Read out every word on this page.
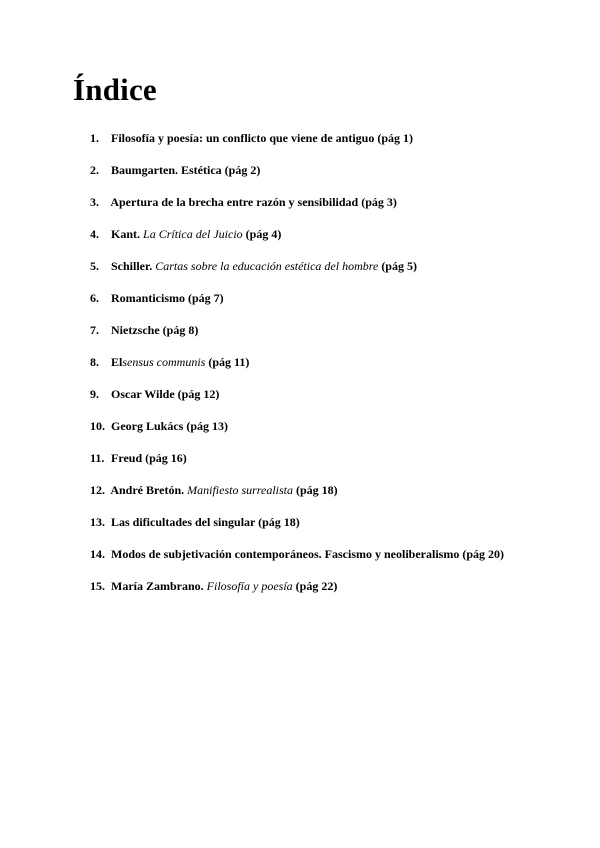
Índice
1. Filosofía y poesía: un conflicto que viene de antiguo (pág 1)
2. Baumgarten. Estética (pág 2)
3. Apertura de la brecha entre razón y sensibilidad (pág 3)
4. Kant. La Crítica del Juicio (pág 4)
5. Schiller. Cartas sobre la educación estética del hombre (pág 5)
6. Romanticismo (pág 7)
7. Nietzsche (pág 8)
8. Elsensus communis (pág 11)
9. Oscar Wilde (pág 12)
10. Georg Lukács (pág 13)
11. Freud (pág 16)
12. André Bretón. Manifiesto surrealista (pág 18)
13. Las dificultades del singular (pág 18)
14. Modos de subjetivación contemporáneos. Fascismo y neoliberalismo (pág 20)
15. María Zambrano. Filosofía y poesía (pág 22)
